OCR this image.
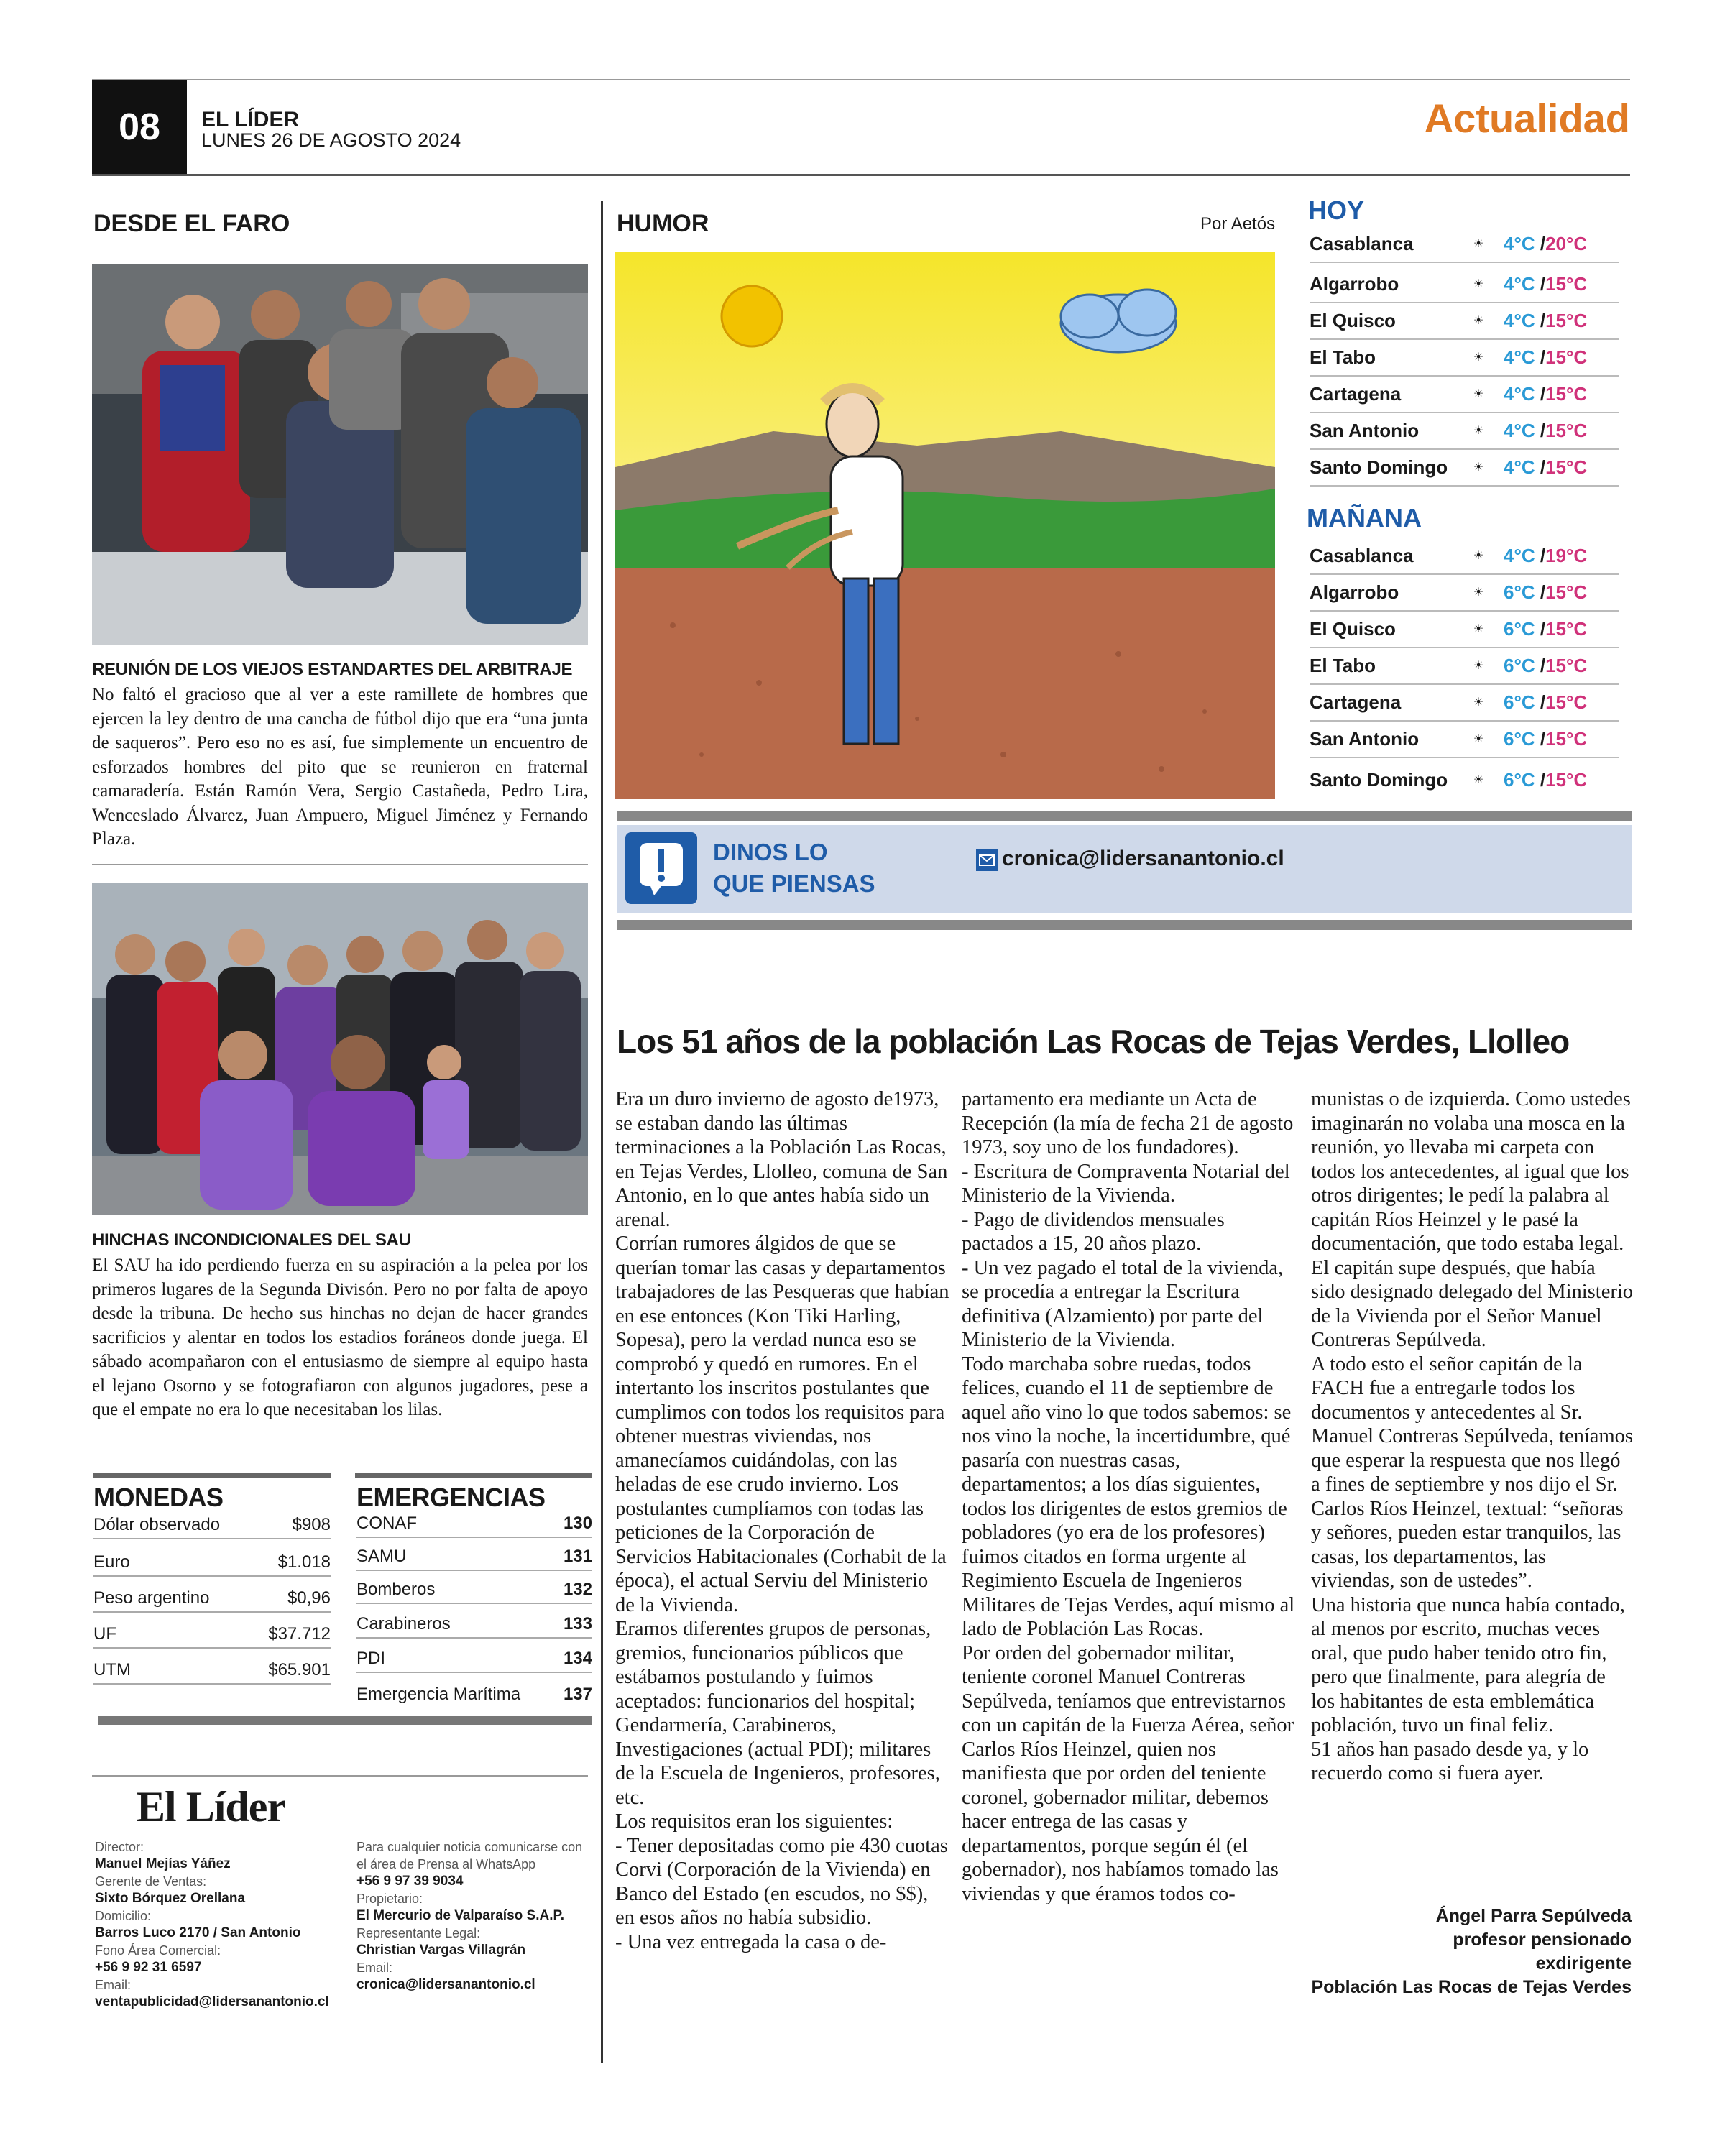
08	EL LÍDER
LUNES 26 DE AGOSTO 2024	Actualidad
DESDE EL FARO
REUNIÓN DE LOS VIEJOS ESTANDARTES DEL ARBITRAJE
No faltó el gracioso que al ver a este ramillete de hombres que ejercen la ley dentro de una cancha de fútbol dijo que era “una junta de saqueros”. Pero eso no es así, fue simplemente un encuentro de esforzados hombres del pito que se reunieron en fraternal camaradería. Están Ramón Vera, Sergio Castañeda, Pedro Lira, Wenceslado Álvarez, Juan Ampuero, Miguel Jiménez y Fernando Plaza.
HINCHAS INCONDICIONALES DEL SAU
El SAU ha ido perdiendo fuerza en su aspiración a la pelea por los primeros lugares de la Segunda Divisón. Pero no por falta de apoyo desde la tribuna. De hecho sus hinchas no dejan de hacer grandes sacrificios y alentar en todos los estadios foráneos donde juega. El sábado acompañaron con el entusiasmo de siempre al equipo hasta el lejano Osorno y se fotografiaron con algunos jugadores, pese a que el empate no era lo que necesitaban los lilas.
MONEDAS
Dólar observado	$908
Euro	$1.018
Peso argentino	$0,96
UF	$37.712
UTM	$65.901
EMERGENCIAS
CONAF	130
SAMU	131
Bomberos	132
Carabineros	133
PDI	134
Emergencia Marítima 137
El Líder
Director:
Manuel Mejías Yáñez
Gerente de Ventas:
Sixto Bórquez Orellana
Domicilio:
Barros Luco 2170 / San Antonio
Fono Área Comercial:
+56 9 92 31 6597
Email:
ventapublicidad@lidersanantonio.cl
Para cualquier noticia comunicarse con el área de Prensa al WhatsApp
+56 9 97 39 9034
Propietario:
El Mercurio de Valparaíso S.A.P.
Representante Legal:
Christian Vargas Villagrán
Email:
cronica@lidersanantonio.cl
HUMOR	Por Aetós HOY
Casablanca	☀︎	4°C /20°C
Algarrobo	☀︎	4°C /15°C
El Quisco	☀︎	4°C /15°C
El Tabo	☀︎	4°C /15°C
Cartagena	☀︎	4°C /15°C
San Antonio	☀︎	4°C /15°C
Santo Domingo	☀︎	4°C /15°C
MAÑANA
Casablanca	☀︎	4°C /19°C
Algarrobo	☀︎	6°C /15°C
El Quisco	☀︎	6°C /15°C
El Tabo	☀︎	6°C /15°C
Cartagena	☀︎	6°C /15°C
San Antonio	☀︎	6°C /15°C
Santo Domingo	☀︎	6°C /15°C
DINOS LO
QUE PIENSAS
cronica@lidersanantonio.cl
Los 51 años de la población Las Rocas de Tejas Verdes, Llolleo

Era un duro invierno de agosto de1973, se estaban dando las últimas terminaciones a la Población Las Rocas, en Tejas Verdes, Llolleo, comuna de San Antonio, en lo que antes había sido un arenal.

Corrían rumores álgidos de que se querían tomar las casas y departamentos trabajadores de las Pesqueras que habían en ese entonces (Kon Tiki Harling, Sopesa), pero la verdad nunca eso se comprobó y quedó en rumores. En el intertanto los inscritos postulantes que cumplimos con todos los requisitos para obtener nuestras viviendas, nos amanecíamos cuidándolas, con las heladas de ese crudo invierno. Los postulantes cumplíamos con todas las peticiones de la Corporación de Servicios Habitacionales (Corhabit de la época), el actual Serviu del Ministerio de la Vivienda.

Eramos diferentes grupos de personas, gremios, funcionarios públicos que estábamos postulando y fuimos aceptados: funcionarios del hospital; Gendarmería, Carabineros, Investigaciones (actual PDI); militares de la Escuela de Ingenieros, profesores, etc.

Los requisitos eran los siguientes:

- Tener depositadas como pie 430 cuotas Corvi (Corporación de la Vivienda) en Banco del Estado (en escudos, no $$), en esos años no había subsidio.

- Una vez entregada la casa o de-

partamento era mediante un Acta de Recepción (la mía de fecha 21 de agosto 1973, soy uno de los fundadores).

- Escritura de Compraventa Notarial del Ministerio de la Vivienda.

- Pago de dividendos mensuales pactados a 15, 20 años plazo.

- Un vez pagado el total de la vivienda, se procedía a entregar la Escritura definitiva (Alzamiento) por parte del Ministerio de la Vivienda.

Todo marchaba sobre ruedas, todos felices, cuando el 11 de septiembre de aquel año vino lo que todos sabemos: se nos vino la noche, la incertidumbre, qué pasaría con nuestras casas, departamentos; a los días siguientes, todos los dirigentes de estos gremios de pobladores (yo era de los profesores) fuimos citados en forma urgente al Regimiento Escuela de Ingenieros Militares de Tejas Verdes, aquí mismo al lado de Población Las Rocas.

Por orden del gobernador militar, teniente coronel Manuel Contreras Sepúlveda, teníamos que entrevistarnos con un capitán de la Fuerza Aérea, señor Carlos Ríos Heinzel, quien nos manifiesta que por orden del teniente coronel, gobernador militar, debemos hacer entrega de las casas y departamentos, porque según él (el gobernador), nos habíamos tomado las viviendas y que éramos todos co-

munistas o de izquierda. Como ustedes imaginarán no volaba una mosca en la reunión, yo llevaba mi carpeta con todos los antecedentes, al igual que los otros dirigentes; le pedí la palabra al capitán Ríos Heinzel y le pasé la documentación, que todo estaba legal.

El capitán supe después, que había sido designado delegado del Ministerio de la Vivienda por el Señor Manuel Contreras Sepúlveda.

A todo esto el señor capitán de la FACH fue a entregarle todos los documentos y antecedentes al Sr. Manuel Contreras Sepúlveda, teníamos que esperar la respuesta que nos llegó a fines de septiembre y nos dijo el Sr. Carlos Ríos Heinzel, textual: “señoras y señores, pueden estar tranquilos, las casas, los departamentos, las viviendas, son de ustedes”.

Una historia que nunca había contado, al menos por escrito, muchas veces oral, que pudo haber tenido otro fin, pero que finalmente, para alegría de los habitantes de esta emblemática población, tuvo un final feliz.

51 años han pasado desde ya, y lo recuerdo como si fuera ayer.

Ángel Parra Sepúlveda
profesor pensionado
exdirigente
Población Las Rocas de Tejas Verdes
